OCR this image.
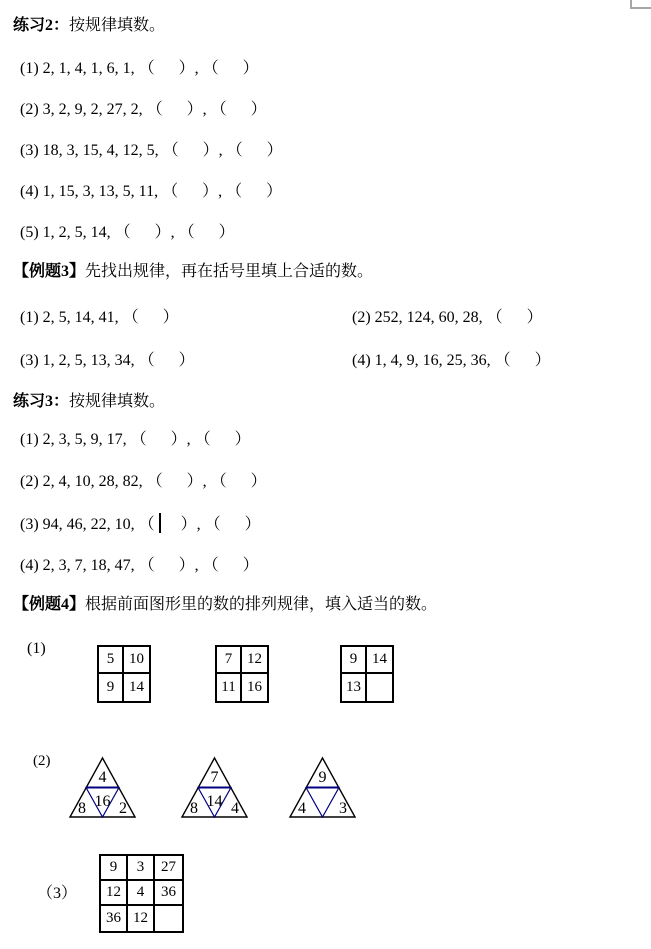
练习2：按规律填数。
(1) 2, 1, 4, 1, 6, 1, （      ）, （      ）
(2) 3, 2, 9, 2, 27, 2, （      ）, （      ）
(3) 18, 3, 15, 4, 12, 5, （      ）, （      ）
(4) 1, 15, 3, 13, 5, 11, （      ）, （      ）
(5) 1, 2, 5, 14, （      ）, （      ）
【例题3】先找出规律，再在括号里填上合适的数。
(1) 2, 5, 14, 41, （      ）	(2) 252, 124, 60, 28, （      ）
(3) 1, 2, 5, 13, 34, （      ）	(4) 1, 4, 9, 16, 25, 36, （      ）
练习3：按规律填数。
(1) 2, 3, 5, 9, 17, （      ）, （      ）
(2) 2, 4, 10, 28, 82, （      ）, （      ）
(3) 94, 46, 22, 10, （      ）, （      ）
(4) 2, 3, 7, 18, 47, （      ）, （      ）
【例题4】根据前面图形里的数的排列规律，填入适当的数。
(1)
5 10
9 14
7 12
11 16
9 14
13
(2)
4
16
8 2
7
14
8 4
9
4 3
（3）
9	3	27
12	4	36
36 12
